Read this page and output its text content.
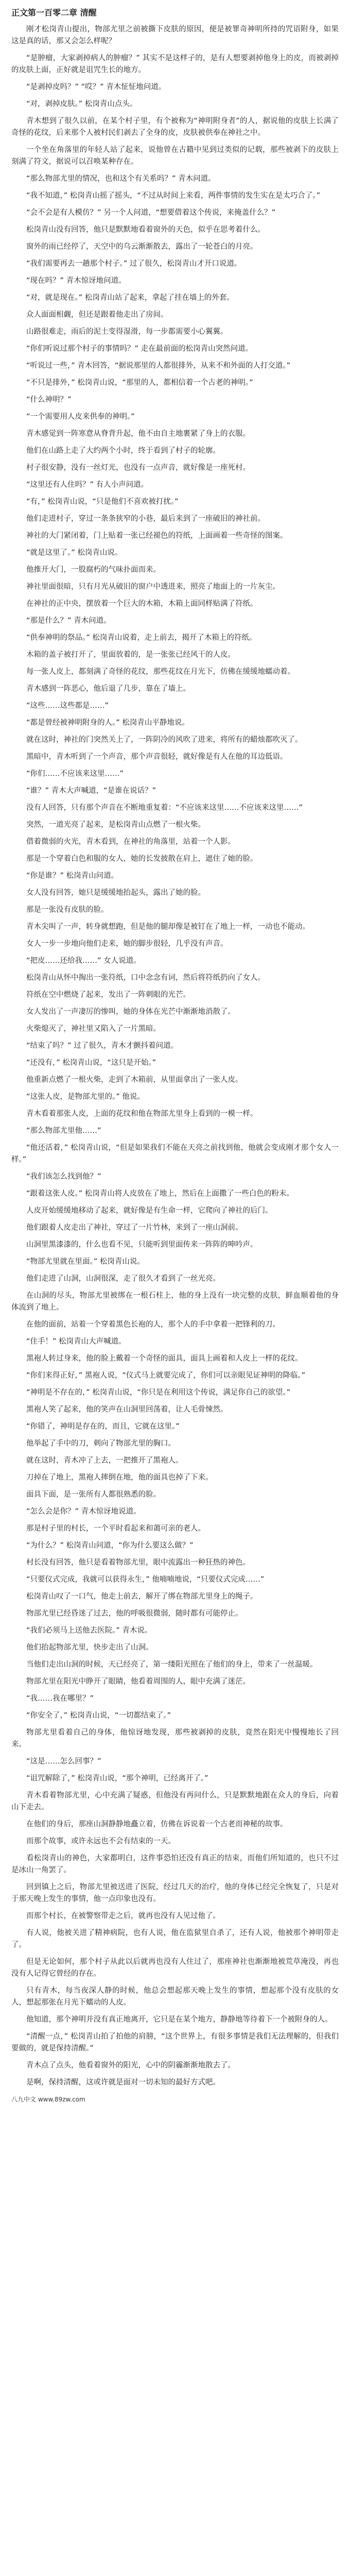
正文第一百零二章 清醒

刚才松岗青山提出，物部尤里之前被撕下皮肤的原因，便是被罪奇神明所持的咒语附身，如果这是真的话，那又会怎么样呢？

“是肿瘤，大家剥掉病人的肿瘤？” 其实不是这样子的，是有人想要剥掉他身上的皮，而被剥掉的皮肤上面，正好就是诅咒生长的地方。

“是剥掉皮吗？” “哎？” 青木怔怔地问道。

“对，剥掉皮肤。” 松岗青山点头。

青木想到了很久以前，在某个村子里，有个被称为“神明附身者”的人，据说他的皮肤上长满了奇怪的花纹，后来那个人被村民们剥去了全身的皮，皮肤被供奉在神社之中。

一个坐在角落里的年轻人站了起来，说他曾在古籍中见到过类似的记载，那些被剥下的皮肤上刻满了符文，据说可以召唤某种存在。

“那么物部尤里的情况，也和这个有关系吗？” 青木问道。

“我不知道，” 松岗青山摇了摇头，“不过从时间上来看，两件事情的发生实在是太巧合了。”

“会不会是有人模仿？” 另一个人问道，“想要借着这个传说，来掩盖什么？”

松岗青山没有回答，他只是默默地看着窗外的天色，似乎在思考着什么。

窗外的雨已经停了，天空中的乌云渐渐散去，露出了一轮苍白的月亮。

“我们需要再去一趟那个村子。” 过了很久，松岗青山才开口说道。

“现在吗？” 青木惊讶地问道。

“对，就是现在。” 松岗青山站了起来，拿起了挂在墙上的外套。

众人面面相觑，但还是跟着他走出了房间。

山路很难走，雨后的泥土变得湿滑，每一步都需要小心翼翼。

“你们听说过那个村子的事情吗？” 走在最前面的松岗青山突然问道。

“听说过一些，” 青木回答，“据说那里的人都很排外，从来不和外面的人打交道。”

“不只是排外，” 松岗青山说，“那里的人，都相信着一个古老的神明。”

“什么神明？”

“一个需要用人皮来供奉的神明。”

青木感觉到一阵寒意从脊背升起，他不由自主地裹紧了身上的衣服。

他们在山路上走了大约两个小时，终于看到了村子的轮廓。

村子很安静，没有一丝灯光，也没有一点声音，就好像是一座死村。

“这里还有人住吗？” 有人小声问道。

“有，” 松岗青山说，“只是他们不喜欢被打扰。”

他们走进村子，穿过一条条狭窄的小巷，最后来到了一座破旧的神社前。

神社的大门紧闭着，门上贴着一张已经褪色的符纸，上面画着一些奇怪的图案。

“就是这里了。” 松岗青山说。

他推开大门，一股腐朽的气味扑面而来。

神社里面很暗，只有月光从破旧的窗户中透进来，照亮了地面上的一片灰尘。

在神社的正中央，摆放着一个巨大的木箱，木箱上面同样贴满了符纸。

“那是什么？” 青木问道。

“供奉神明的祭品。” 松岗青山说着，走上前去，揭开了木箱上的符纸。

木箱的盖子被打开了，里面放着的，是一张张已经风干的人皮。

每一张人皮上，都刻满了奇怪的花纹，那些花纹在月光下，仿佛在缓缓地蠕动着。

青木感到一阵恶心，他后退了几步，靠在了墙上。

“这些……这些都是……”

“都是曾经被神明附身的人。” 松岗青山平静地说。

就在这时，神社的门突然关上了，一阵阴冷的风吹了进来，将所有的蜡烛都吹灭了。

黑暗中，青木听到了一个声音，那个声音很轻，就好像是有人在他的耳边低语。

“你们……不应该来这里……”

“谁？” 青木大声喊道，“是谁在说话？”

没有人回答，只有那个声音在不断地重复着：“不应该来这里……不应该来这里……”

突然，一道光亮了起来，是松岗青山点燃了一根火柴。

借着微弱的火光，青木看到，在神社的角落里，站着一个人影。

那是一个穿着白色和服的女人，她的长发披散在肩上，遮住了她的脸。

“你是谁？” 松岗青山问道。

女人没有回答，她只是缓缓地抬起头，露出了她的脸。

那是一张没有皮肤的脸。

青木尖叫了一声，转身就想跑，但是他的腿却像是被钉在了地上一样，一动也不能动。

女人一步一步地向他们走来，她的脚步很轻，几乎没有声音。

“把皮……还给我……” 女人说道。

松岗青山从怀中掏出一张符纸，口中念念有词，然后将符纸扔向了女人。

符纸在空中燃烧了起来，发出了一阵刺眼的光芒。

女人发出了一声凄厉的惨叫，她的身体在光芒中渐渐地消散了。

火柴熄灭了，神社里又陷入了一片黑暗。

“结束了吗？” 过了很久，青木才颤抖着问道。

“还没有，” 松岗青山说，“这只是开始。”

他重新点燃了一根火柴，走到了木箱前，从里面拿出了一张人皮。

“这张人皮，是物部尤里的。” 他说。

青木看着那张人皮，上面的花纹和他在物部尤里身上看到的一模一样。

“那么物部尤里他……”

“他还活着，” 松岗青山说，“但是如果我们不能在天亮之前找到他，他就会变成刚才那个女人一样。”

“我们该怎么找到他？”

“跟着这张人皮。” 松岗青山将人皮放在了地上，然后在上面撒了一些白色的粉末。

人皮开始缓缓地移动了起来，就好像是有生命一样，它爬向了神社的后门。

他们跟着人皮走出了神社，穿过了一片竹林，来到了一座山洞前。

山洞里黑漆漆的，什么也看不见，只能听到里面传来一阵阵的呻吟声。

“物部尤里就在里面。” 松岗青山说。

他们走进了山洞，山洞很深，走了很久才看到了一丝光亮。

在山洞的尽头，物部尤里被绑在一根石柱上，他的身上没有一块完整的皮肤，鲜血顺着他的身体流到了地上。

在他的面前，站着一个穿着黑色长袍的人，那个人的手中拿着一把锋利的刀。

“住手！” 松岗青山大声喊道。

黑袍人转过身来，他的脸上戴着一个奇怪的面具，面具上画着和人皮上一样的花纹。

“你们来得正好，” 黑袍人说，“仪式马上就要完成了，你们可以亲眼见证神明的降临。”

“神明是不存在的，” 松岗青山说，“你只是在利用这个传说，满足你自己的欲望。”

黑袍人笑了起来，他的笑声在山洞里回荡着，让人毛骨悚然。

“你错了，神明是存在的，而且，它就在这里。”

他举起了手中的刀，刺向了物部尤里的胸口。

就在这时，青木冲了上去，一把推开了黑袍人。

刀掉在了地上，黑袍人摔倒在地，他的面具也掉了下来。

面具下面，是一张所有人都很熟悉的脸。

“怎么会是你？” 青木惊讶地说道。

那是村子里的村长，一个平时看起来和蔼可亲的老人。

“为什么？” 松岗青山问道，“你为什么要这么做？”

村长没有回答，他只是看着物部尤里，眼中流露出一种狂热的神色。

“只要仪式完成，我就可以获得永生，” 他喃喃地说，“只要仪式完成……”

松岗青山叹了一口气，他走上前去，解开了绑在物部尤里身上的绳子。

物部尤里已经昏迷了过去，他的呼吸很微弱，随时都有可能停止。

“我们必须马上送他去医院。” 青木说。

他们抬起物部尤里，快步走出了山洞。

当他们走出山洞的时候，天已经亮了，第一缕阳光照在了他们的身上，带来了一丝温暖。

物部尤里在阳光中睁开了眼睛，他看着周围的人，眼中充满了迷茫。

“我……我在哪里？”

“你安全了，” 松岗青山说，“一切都结束了。”

物部尤里看着自己的身体，他惊讶地发现，那些被剥掉的皮肤，竟然在阳光中慢慢地长了回来。

“这是……怎么回事？”

“诅咒解除了，” 松岗青山说，“那个神明，已经离开了。”

青木看着物部尤里，心中充满了疑惑，但他没有再问什么，只是默默地跟在众人的身后，向着山下走去。

在他们的身后，那座山洞静静地矗立着，仿佛在诉说着一个古老而神秘的故事。

而那个故事，或许永远也不会有结束的一天。

看松岗青山的神色，大家都明白，这件事恐怕还没有真正的结束，而他们所知道的，也只不过是冰山一角罢了。

回到镇上之后，物部尤里被送进了医院，经过几天的治疗，他的身体已经完全恢复了，只是对于那天晚上发生的事情，他一点印象也没有。

而那个村长，在被警察带走之后，就再也没有人见过他了。

有人说，他被关进了精神病院，也有人说，他在监狱里自杀了，还有人说，他被那个神明带走了。

但是无论如何，那个村子从此以后就再也没有人住过了，那座神社也渐渐地被荒草淹没，再也没有人记得它曾经的存在。

只有青木，每当夜深人静的时候，他总会想起那天晚上发生的事情，想起那个没有皮肤的女人，想起那张在月光下蠕动的人皮。

他知道，那个神明并没有真正地离开，它只是在某个地方，静静地等待着下一个被附身的人。

“清醒一点，” 松岗青山拍了拍他的肩膀，“这个世界上，有很多事情是我们无法理解的，但我们要做的，就是保持清醒。”

青木点了点头，他看着窗外的阳光，心中的阴霾渐渐地散去了。

是啊，保持清醒，这或许就是面对一切未知的最好方式吧。

八九中文 www.89zw.com
